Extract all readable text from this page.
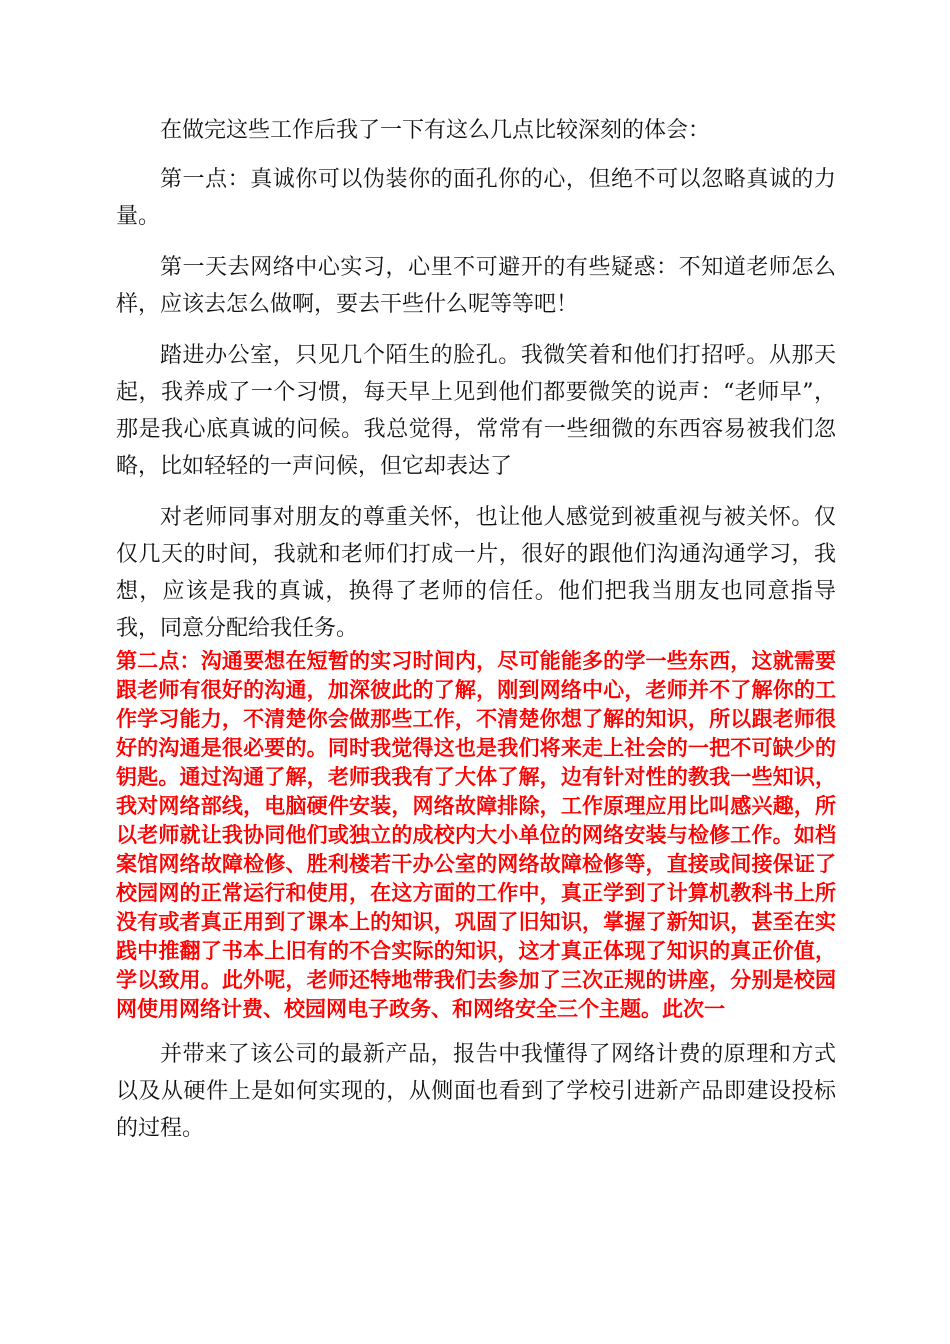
在做完这些工作后我了一下有这么几点比较深刻的体会：

第一点：真诚你可以伪装你的面孔你的心，但绝不可以忽略真诚的力量。

第一天去网络中心实习，心里不可避开的有些疑惑：不知道老师怎么样，应该去怎么做啊，要去干些什么呢等等吧！

踏进办公室，只见几个陌生的脸孔。我微笑着和他们打招呼。从那天起，我养成了一个习惯，每天早上见到他们都要微笑的说声：“老师早”，那是我心底真诚的问候。我总觉得，常常有一些细微的东西容易被我们忽略，比如轻轻的一声问候，但它却表达了

对老师同事对朋友的尊重关怀，也让他人感觉到被重视与被关怀。仅仅几天的时间，我就和老师们打成一片，很好的跟他们沟通沟通学习，我想，应该是我的真诚，换得了老师的信任。他们把我当朋友也同意指导我，同意分配给我任务。

第二点：沟通要想在短暂的实习时间内，尽可能能多的学一些东西，这就需要跟老师有很好的沟通，加深彼此的了解，刚到网络中心，老师并不了解你的工作学习能力，不清楚你会做那些工作，不清楚你想了解的知识，所以跟老师很好的沟通是很必要的。同时我觉得这也是我们将来走上社会的一把不可缺少的钥匙。通过沟通了解，老师我我有了大体了解，边有针对性的教我一些知识，我对网络部线，电脑硬件安装，网络故障排除，工作原理应用比叫感兴趣，所以老师就让我协同他们或独立的成校内大小单位的网络安装与检修工作。如档案馆网络故障检修、胜利楼若干办公室的网络故障检修等，直接或间接保证了校园网的正常运行和使用，在这方面的工作中，真正学到了计算机教科书上所没有或者真正用到了课本上的知识，巩固了旧知识，掌握了新知识，甚至在实践中推翻了书本上旧有的不合实际的知识，这才真正体现了知识的真正价值，学以致用。此外呢，老师还特地带我们去参加了三次正规的讲座，分别是校园网使用网络计费、校园网电子政务、和网络安全三个主题。此次一

并带来了该公司的最新产品，报告中我懂得了网络计费的原理和方式以及从硬件上是如何实现的，从侧面也看到了学校引进新产品即建设投标的过程。
